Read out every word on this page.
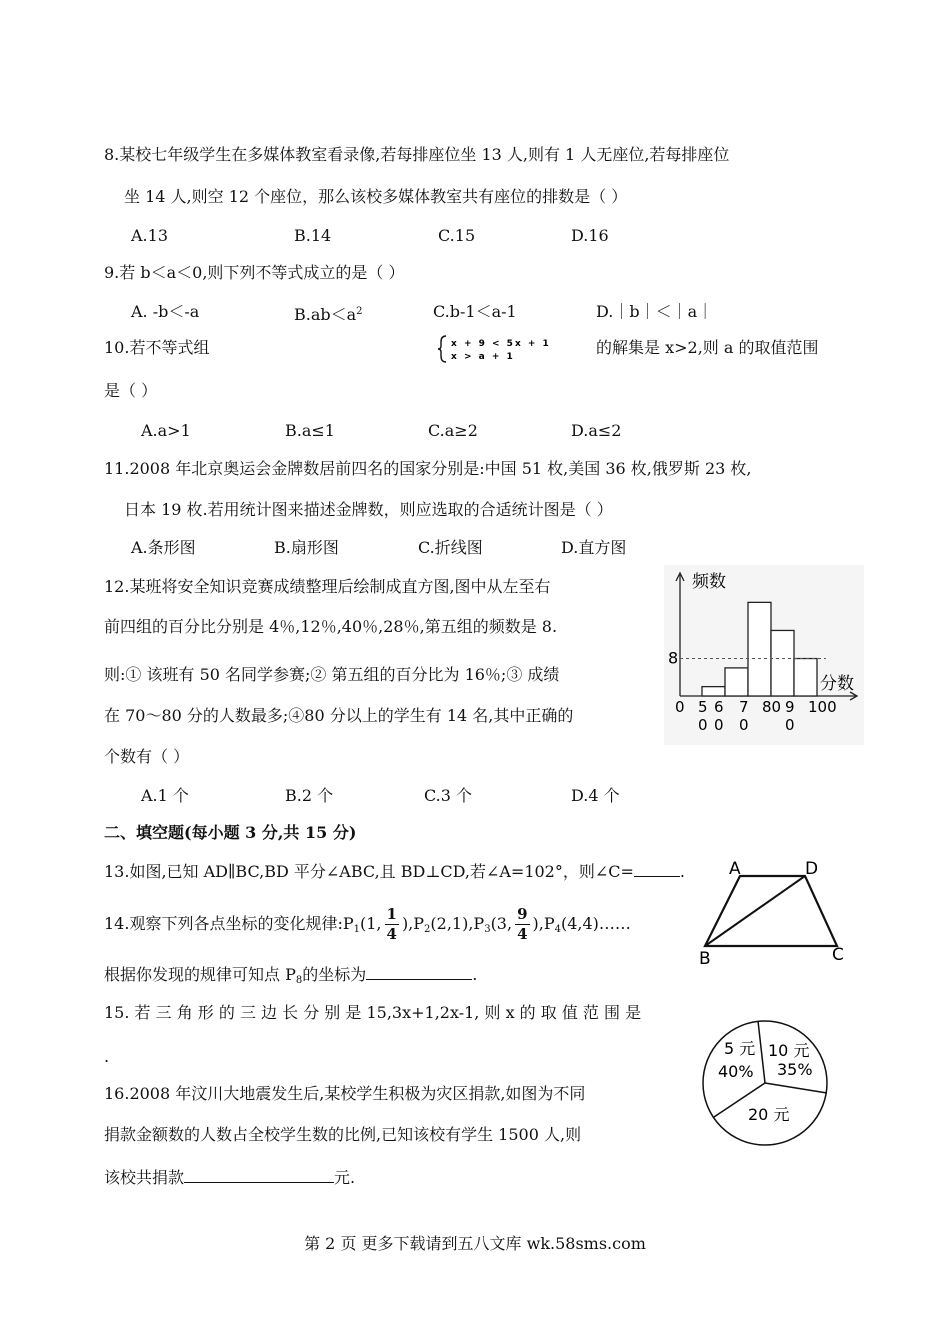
8.某校七年级学生在多媒体教室看录像,若每排座位坐 13 人,则有 1 人无座位,若每排座位
坐 14 人,则空 12 个座位，那么该校多媒体教室共有座位的排数是（ ）
A.13	B.14	C.15	D.16
9.若 b＜a＜0,则下列不等式成立的是（ ）
A. -b＜-a	$B.ab<a^2$	C.b-1＜a-1	D.｜b｜＜｜a｜
10.若不等式组	x + 9 < 5x + 1
x > a + 1	的解集是 x>2,则 a 的取值范围
是（ ）
A.a>1	B.a≤1	C.a≥2	D.a≤2
11.2008 年北京奥运会金牌数居前四名的国家分别是:中国 51 枚,美国 36 枚,俄罗斯 23 枚,
日本 19 枚.若用统计图来描述金牌数，则应选取的合适统计图是（ ）
A.条形图	B.扇形图	C.折线图	D.直方图
12.某班将安全知识竞赛成绩整理后绘制成直方图,图中从左至右
前四组的百分比分别是 4％,12％,40％,28％,第五组的频数是 8.
则:① 该班有 50 名同学参赛;② 第五组的百分比为 16％;③ 成绩
在 70～80 分的人数最多;④80 分以上的学生有 14 名,其中正确的
个数有（ ）
A.1 个	B.2 个	C.3 个	D.4 个
频数
分数
8
0 5
0
6
0
7
0
80 9
0
100
二、填空题(每小题 3 分,共 15 分)
13.如图,已知 AD∥BC,BD 平分∠ABC,且 BD⊥CD,若∠A=102°，则∠C=	.	A	D
B	C
14.观察下列各点坐标的变化规律$:P_1(1$, $\frac{1}{4} ),P_2(2,1),P_3(3$, $\frac{9}{4}$ )$,P_4(4,4)\dots\dots$
根据你发现的规律可知点 $P_8$的坐标为	.
15. 若 三 角 形 的 三 边 长 分 别 是 15,3x+1,2x-1, 则 x 的 取 值 范 围 是
.	5 元
40%
10 元
35%
20 元
16.2008 年汶川大地震发生后,某校学生积极为灾区捐款,如图为不同
捐款金额数的人数占全校学生数的比例,已知该校有学生 1500 人,则
该校共捐款	元.
第 2 页 更多下载请到五八文库 wk.58sms.com
